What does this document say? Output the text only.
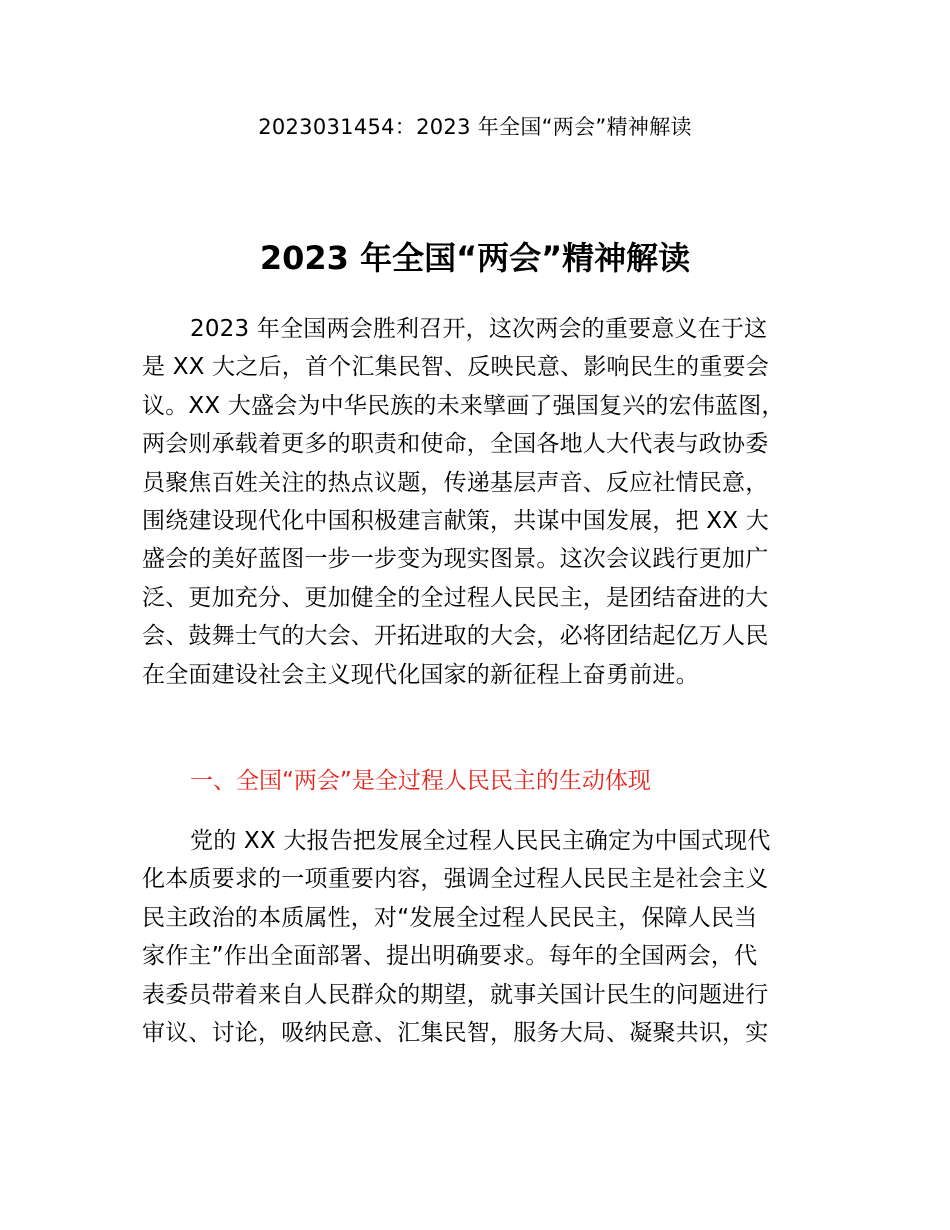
2023031454：2023 年全国“两会”精神解读
2023 年全国“两会”精神解读
2023 年全国两会胜利召开，这次两会的重要意义在于这
是 XX 大之后，首个汇集民智、反映民意、影响民生的重要会
议。XX 大盛会为中华民族的未来擘画了强国复兴的宏伟蓝图，
两会则承载着更多的职责和使命，全国各地人大代表与政协委
员聚焦百姓关注的热点议题，传递基层声音、反应社情民意，
围绕建设现代化中国积极建言献策，共谋中国发展，把 XX 大
盛会的美好蓝图一步一步变为现实图景。这次会议践行更加广
泛、更加充分、更加健全的全过程人民民主，是团结奋进的大
会、鼓舞士气的大会、开拓进取的大会，必将团结起亿万人民
在全面建设社会主义现代化国家的新征程上奋勇前进。
一、全国“两会”是全过程人民民主的生动体现
党的 XX 大报告把发展全过程人民民主确定为中国式现代
化本质要求的一项重要内容，强调全过程人民民主是社会主义
民主政治的本质属性，对“发展全过程人民民主，保障人民当
家作主”作出全面部署、提出明确要求。每年的全国两会，代
表委员带着来自人民群众的期望，就事关国计民生的问题进行
审议、讨论，吸纳民意、汇集民智，服务大局、凝聚共识，实
